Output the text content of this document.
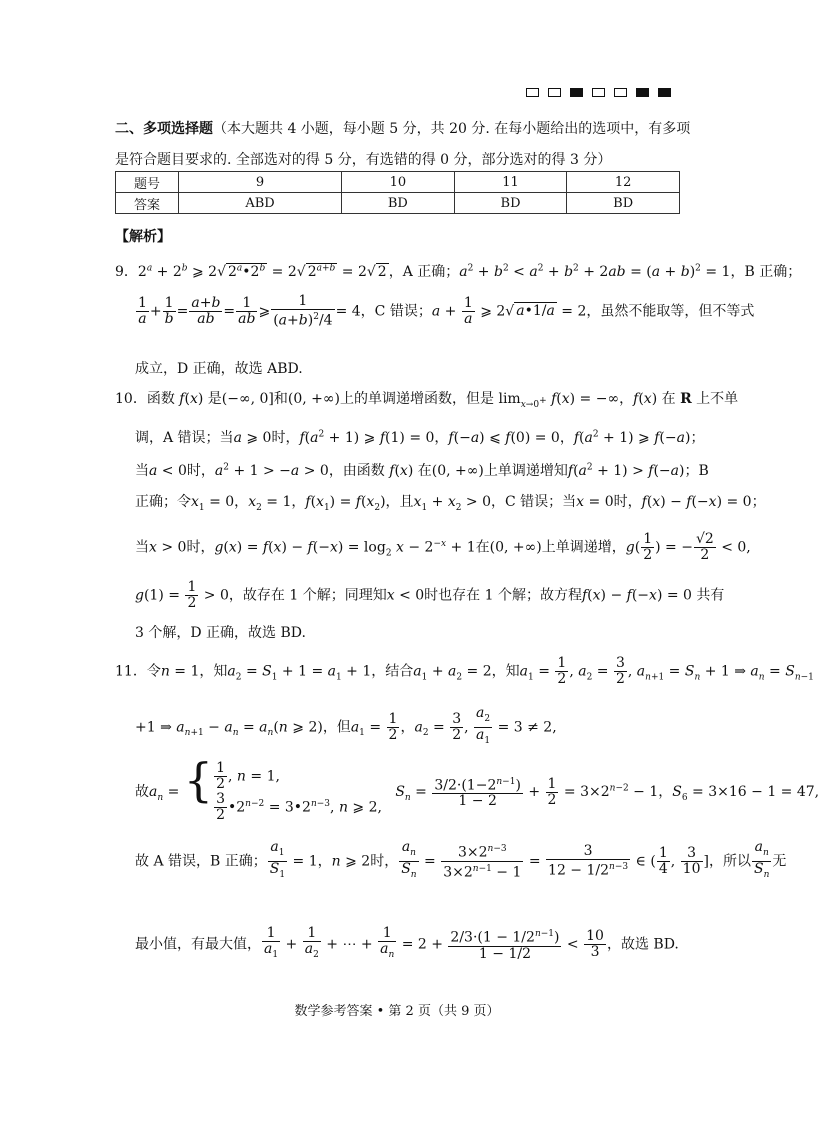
二、多项选择题（本大题共 4 小题，每小题 5 分，共 20 分. 在每小题给出的选项中，有多项
是符合题目要求的. 全部选对的得 5 分，有选错的得 0 分，部分选对的得 3 分）
题号	9	10	11	12
答案	ABD	BD	BD	BD
【解析】
9．$2^a + 2^b$ ⩾ 2√ $2^a•2^b = 2√$ $2^{a+b} = 2√$ 2 ，A 正确；$a^2 + b^2 < a^2 + b^2 + 2ab = (a + b)^2 = 1$，B 正确；
$\frac{1}{a} + \frac{1}{b} = \frac{a+b}{ab} = \frac{1}{ab}$ ⩾ $\frac{1}{(a+b)^2/4} = 4$，C 错误；$a + \frac{1}{a}$ ⩾ 2√ a•1/a = 2，虽然不能取等，但不等式
成立，D 正确，故选 ABD.
10．函数 f(x) 是(−∞, 0]和(0, +∞)上的单调递增函数，但是 $\lim_{x\to 0^+} f(x)$ = −∞，f(x) 在 R 上不单
调，A 错误；当a ⩾ 0时，$f(a^2 + 1)$ ⩾ f(1) = 0，f(−a) ⩽ f(0) = 0，$f(a^2 + 1)$ ⩾ f(−a)；
当a < 0时，$a^2 + 1 > -a > 0$，由函数 f(x) 在(0, +∞)上单调递增知$f(a^2 + 1) > f(-a)$；B
正确；令$x_1 = 0$，$x_2 = 1$，$f(x_1) = f(x_2)$，且$x_1 + x_2 > 0$，C 错误；当x = 0时，f(x) − f(−x) = 0；
当x > 0时，$g(x) = f(x) - f(-x) = \log_2 x - 2^{-x} + 1$在(0, +∞)上单调递增，$g( \frac{1}{2}$ ) = − $\frac{√2}{2} < 0$,
$g(1) = \frac{1}{2} > 0$，故存在 1 个解；同理知x < 0时也存在 1 个解；故方程f(x) − f(−x) = 0 共有
3 个解，D 正确，故选 BD.
11．令n = 1，知$a_2 = S_1 + 1 = a_1 + 1$，结合$a_1 + a_2 = 2$，知$a_1 = \frac{1}{2}$ , $a_2 = \frac{3}{2}$ , $a_{n+1} = S_n + 1$ ⇒ $a_n = S_{n-1}$
+1 ⇒ $a_{n+1} - a_n = a_n(n$ ⩾ 2)，但$a_1 = \frac{1}{2}$ ，$a_2 = \frac{3}{2}$ , $\frac{a_2}{a_1} = 3 \ne 2$,
故$a_n$ = { $\frac{1}{2}$ , n = 1,

$\frac{3}{2}$ $•2^{n-2}$ = $3•2^{n-3}$, n ⩾ 2,   $S_n = \frac{3/2\cdot(1-2^{n-1})}{1 - 2} + \frac{1}{2} = 3\times 2^{n-2} - 1$，$S_6 = 3\times 16 - 1 = 47$,
故 A 错误，B 正确； $\frac{a_1}{S_1} = 1$，n ⩾ 2时， $\frac{a_n}{S_n} = \frac{3\times 2^{n-3}}{3\times 2^{n-1} - 1} = \frac{3}{12 - 1/2^{n-3}}$ ∈ ( $\frac{1}{4}$ , $\frac{3}{10}$ ]，所以 $\frac{a_n}{S_n}$ 无
最小值，有最大值， $\frac{1}{a_1} + \frac{1}{a_2}$ + ⋯ + $\frac{1}{a_n} = 2 + \frac{2/3\cdot(1 - 1/2^{n-1})}{1 - 1/2} < \frac{10}{3}$ ，故选 BD.
数学参考答案 • 第 2 页（共 9 页）
